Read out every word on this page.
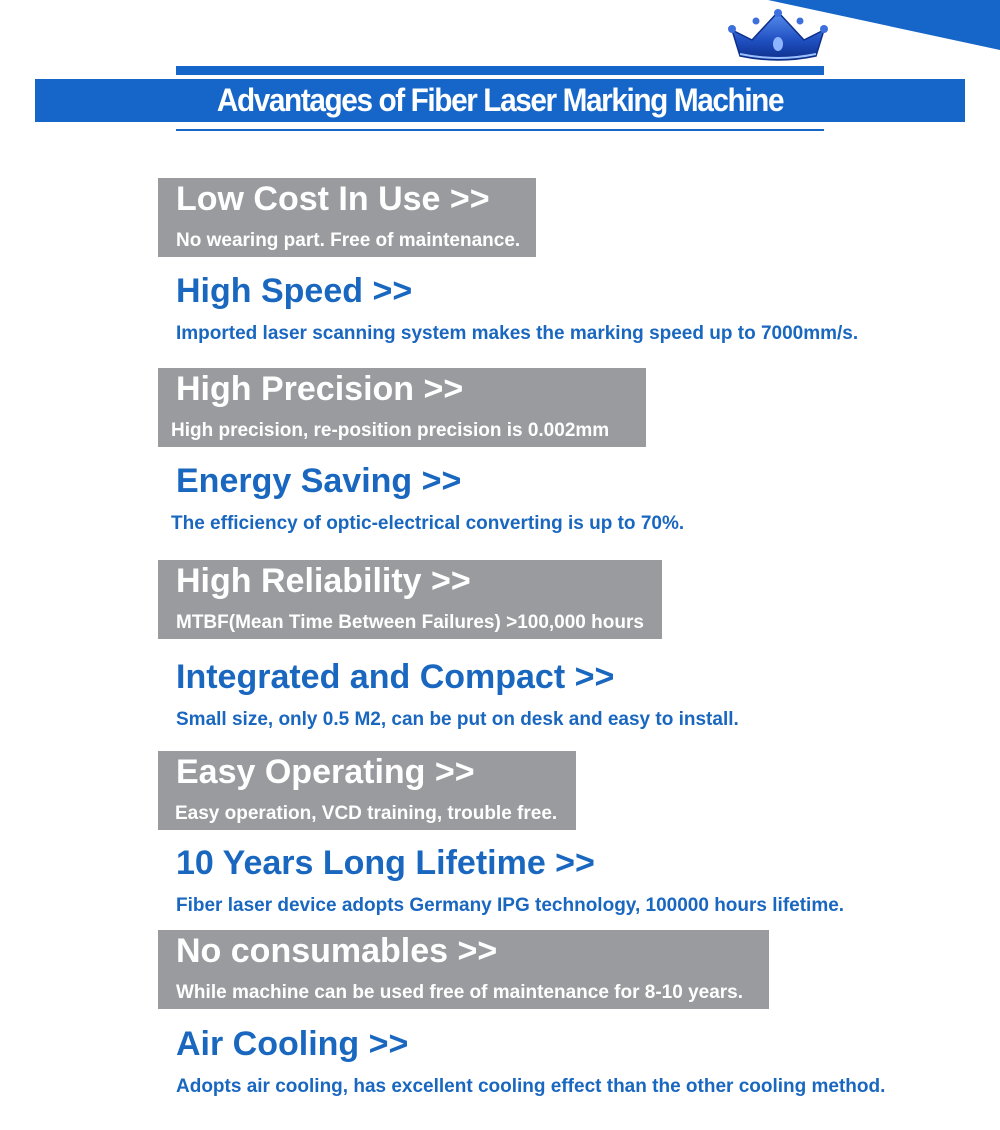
Advantages of Fiber Laser Marking Machine
Low Cost In Use >>
No wearing part. Free of maintenance.
High Speed >>
Imported laser scanning system makes the marking speed up to 7000mm/s.
High Precision >>
High precision, re-position precision is 0.002mm
Energy Saving >>
The efficiency of optic-electrical converting is up to 70%.
High Reliability >>
MTBF(Mean Time Between Failures) >100,000 hours
Integrated and Compact >>
Small size, only 0.5 M2, can be put on desk and easy to install.
Easy Operating >>
Easy operation, VCD training, trouble free.
10 Years Long Lifetime >>
Fiber laser device adopts Germany IPG technology, 100000 hours lifetime.
No consumables >>
While machine can be used free of maintenance for 8-10 years.
Air Cooling >>
Adopts air cooling, has excellent cooling effect than the other cooling method.
